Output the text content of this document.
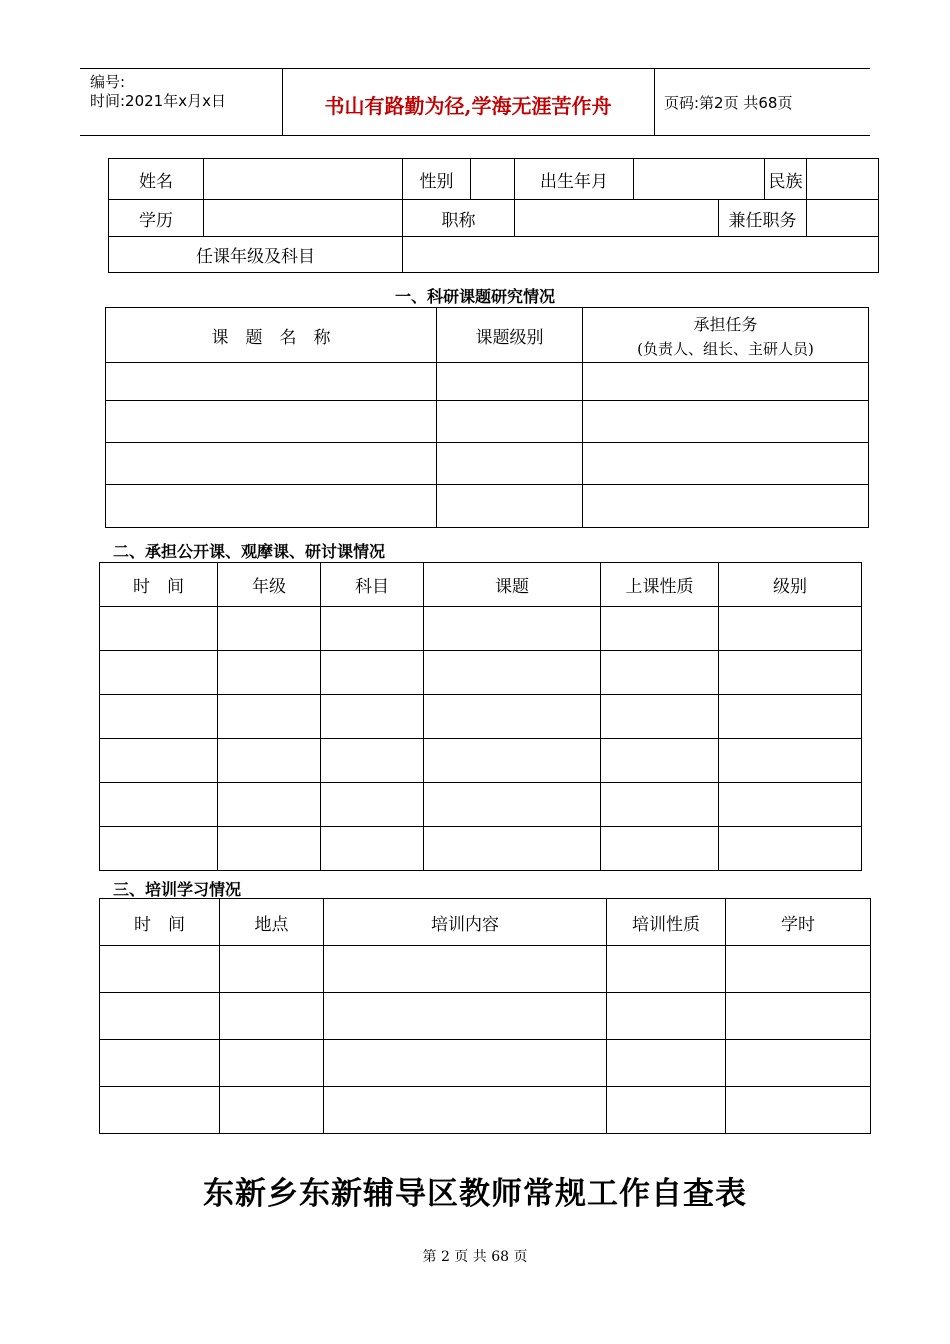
编号:
时间:2021年x月x日	书山有路勤为径,学海无涯苦作舟	页码:第2页 共68页
姓名		性别		出生年月			民族	
学历		职称				兼任职务		
任课年级及科目								
一、科研课题研究情况
课　题　名　称	课题级别	承担任务
(负责人、组长、主研人员)

二、承担公开课、观摩课、研讨课情况
时　间	年级	科目	课题	上课性质	级别

三、培训学习情况
时　间	地点	培训内容	培训性质	学时

东新乡东新辅导区教师常规工作自查表
第 2 页 共 68 页
